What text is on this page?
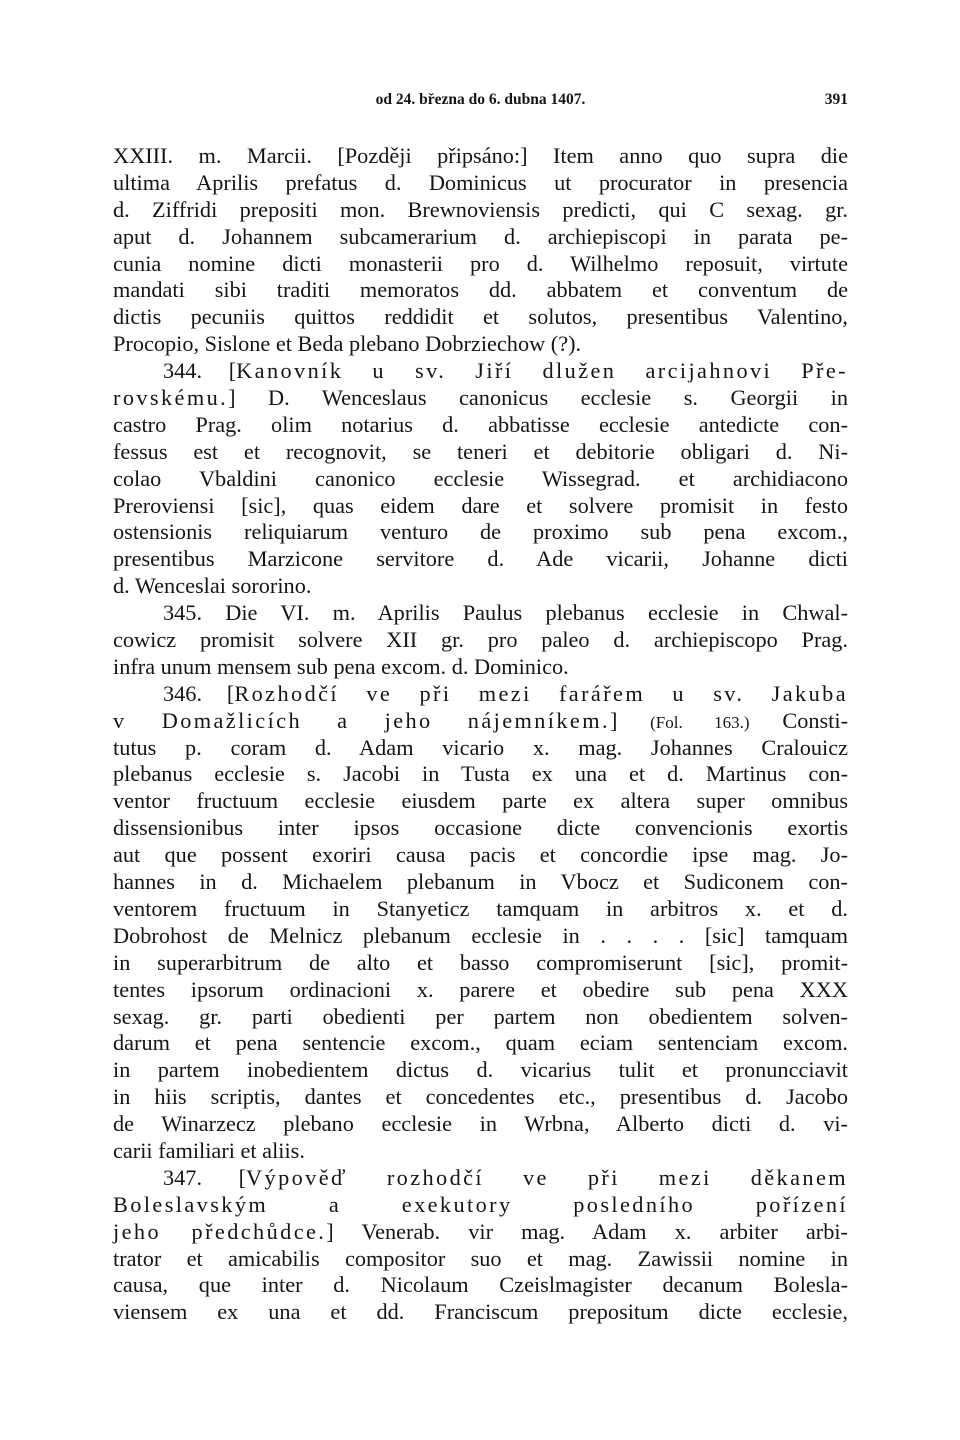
od 24. března do 6. dubna 1407.	391
XXIII. m. Marcii. [Později připsáno:] Item anno quo supra die
ultima Aprilis prefatus d. Dominicus ut procurator in presencia
d. Ziffridi prepositi mon. Brewnoviensis predicti, qui C sexag. gr.
aput d. Johannem subcamerarium d. archiepiscopi in parata pe-
cunia nomine dicti monasterii pro d. Wilhelmo reposuit, virtute
mandati sibi traditi memoratos dd. abbatem et conventum de
dictis pecuniis quittos reddidit et solutos, presentibus Valentino,
Procopio, Sislone et Beda plebano Dobrziechow (?).
344. [Kanovník u sv. Jiří dlužen arcijahnovi Pře-
rovskému.] D. Wenceslaus canonicus ecclesie s. Georgii in
castro Prag. olim notarius d. abbatisse ecclesie antedicte con-
fessus est et recognovit, se teneri et debitorie obligari d. Ni-
colao Vbaldini canonico ecclesie Wissegrad. et archidiacono
Preroviensi [sic], quas eidem dare et solvere promisit in festo
ostensionis reliquiarum venturo de proximo sub pena excom.,
presentibus Marzicone servitore d. Ade vicarii, Johanne dicti
d. Wenceslai sororino.
345. Die VI. m. Aprilis Paulus plebanus ecclesie in Chwal-
cowicz promisit solvere XII gr. pro paleo d. archiepiscopo Prag.
infra unum mensem sub pena excom. d. Dominico.
346. [Rozhodčí ve při mezi farářem u sv. Jakuba
v Domažlicích a jeho nájemníkem.] (Fol. 163.) Consti-
tutus p. coram d. Adam vicario x. mag. Johannes Cralouicz
plebanus ecclesie s. Jacobi in Tusta ex una et d. Martinus con-
ventor fructuum ecclesie eiusdem parte ex altera super omnibus
dissensionibus inter ipsos occasione dicte convencionis exortis
aut que possent exoriri causa pacis et concordie ipse mag. Jo-
hannes in d. Michaelem plebanum in Vbocz et Sudiconem con-
ventorem fructuum in Stanyeticz tamquam in arbitros x. et d.
Dobrohost de Melnicz plebanum ecclesie in . . . . [sic] tamquam
in superarbitrum de alto et basso compromiserunt [sic], promit-
tentes ipsorum ordinacioni x. parere et obedire sub pena XXX
sexag. gr. parti obedienti per partem non obedientem solven-
darum et pena sentencie excom., quam eciam sentenciam excom.
in partem inobedientem dictus d. vicarius tulit et pronuncciavit
in hiis scriptis, dantes et concedentes etc., presentibus d. Jacobo
de Winarzecz plebano ecclesie in Wrbna, Alberto dicti d. vi-
carii familiari et aliis.
347. [Výpověď rozhodčí ve při mezi děkanem
Boleslavským a exekutory posledního pořízení
jeho předchůdce.] Venerab. vir mag. Adam x. arbiter arbi-
trator et amicabilis compositor suo et mag. Zawissii nomine in
causa, que inter d. Nicolaum Czeislmagister decanum Bolesla-
viensem ex una et dd. Franciscum prepositum dicte ecclesie,
